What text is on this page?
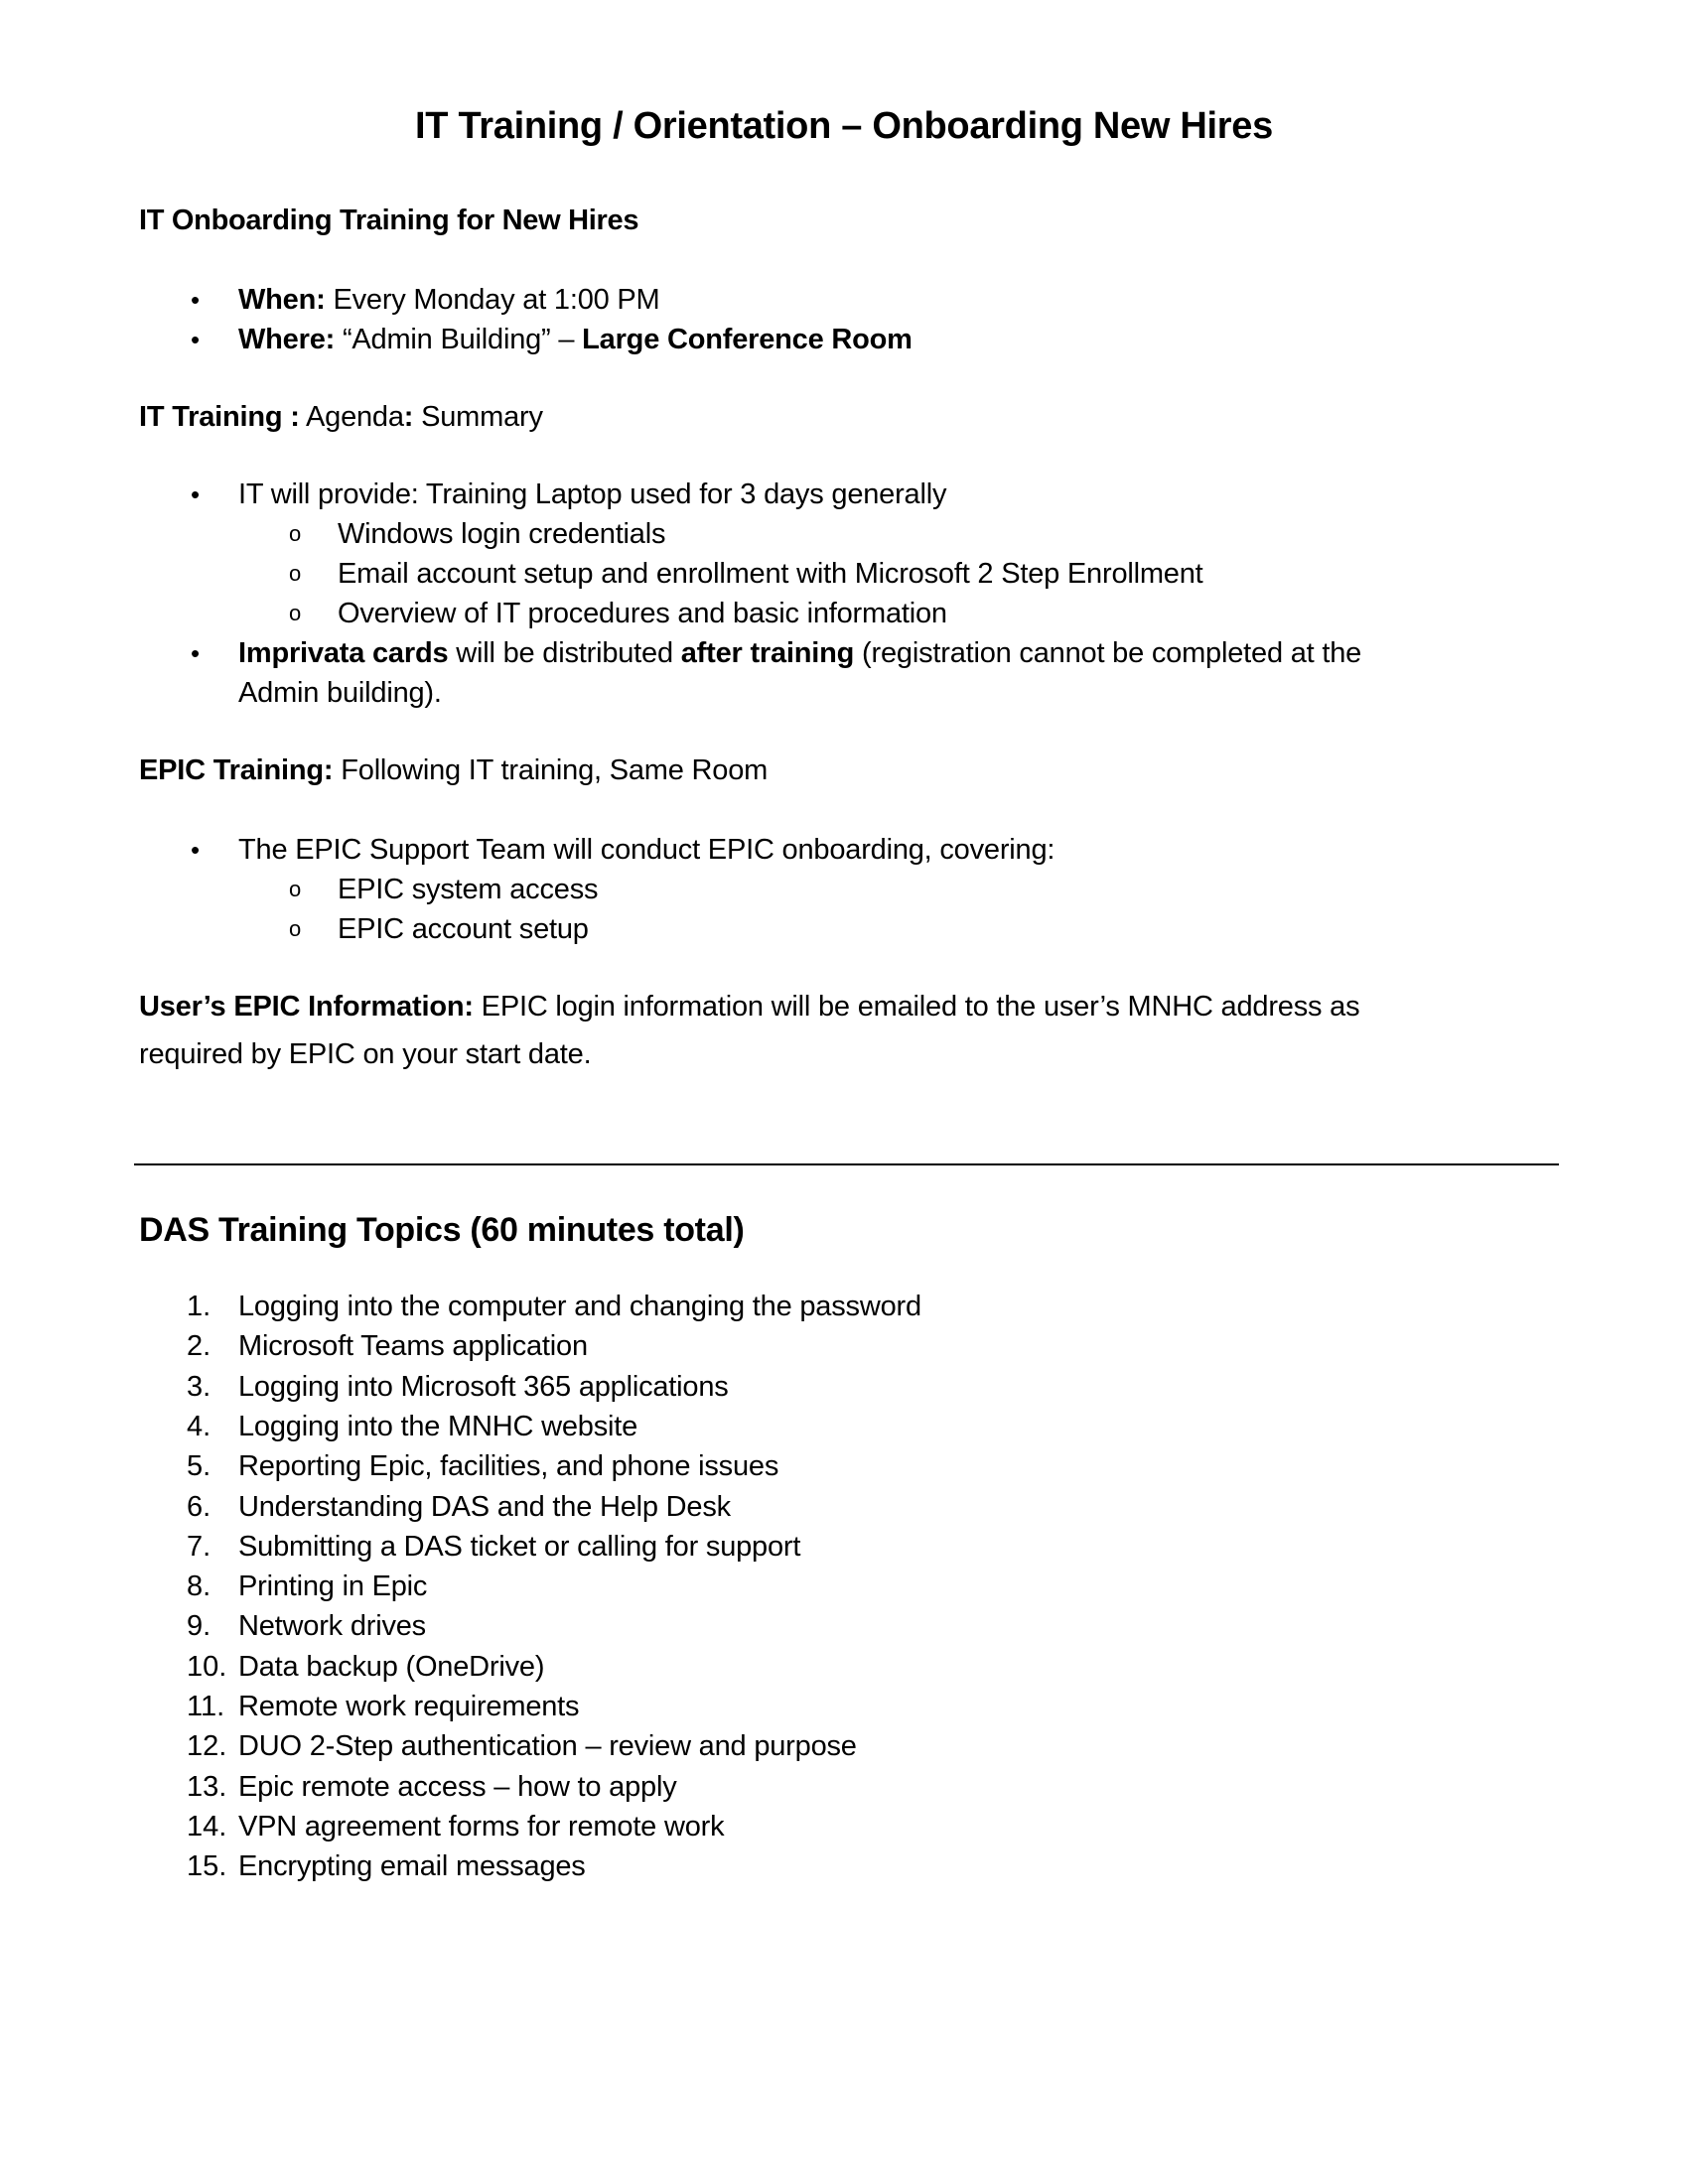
IT Training / Orientation – Onboarding New Hires
IT Onboarding Training for New Hires
• When: Every Monday at 1:00 PM
• Where: “Admin Building” – Large Conference Room
IT Training : Agenda: Summary
• IT will provide: Training Laptop used for 3 days generally
o Windows login credentials
o Email account setup and enrollment with Microsoft 2 Step Enrollment
o Overview of IT procedures and basic information
• Imprivata cards will be distributed after training (registration cannot be completed at the
Admin building).
EPIC Training: Following IT training, Same Room
• The EPIC Support Team will conduct EPIC onboarding, covering:
o EPIC system access
o EPIC account setup
User’s EPIC Information: EPIC login information will be emailed to the user’s MNHC address as
required by EPIC on your start date.
DAS Training Topics (60 minutes total)
1. Logging into the computer and changing the password
2. Microsoft Teams application
3. Logging into Microsoft 365 applications
4. Logging into the MNHC website
5. Reporting Epic, facilities, and phone issues
6. Understanding DAS and the Help Desk
7. Submitting a DAS ticket or calling for support
8. Printing in Epic
9. Network drives
10. Data backup (OneDrive)
11. Remote work requirements
12. DUO 2-Step authentication – review and purpose
13. Epic remote access – how to apply
14. VPN agreement forms for remote work
15. Encrypting email messages
